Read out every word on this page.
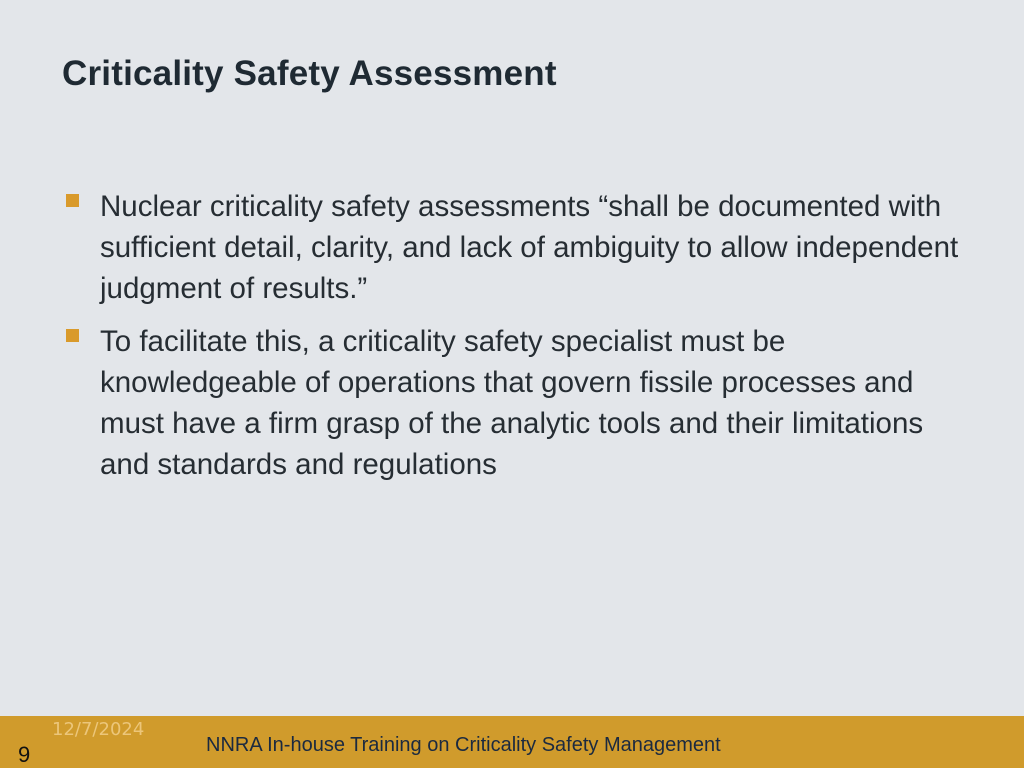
Criticality Safety Assessment
Nuclear criticality safety assessments “shall be documented with sufficient detail, clarity, and lack of ambiguity to allow independent judgment of results.”
To facilitate this, a criticality safety specialist must be knowledgeable of operations that govern fissile processes and must have a firm grasp of the analytic tools and their limitations and standards and regulations
12/7/2024
NNRA In-house Training on Criticality Safety Management
9
